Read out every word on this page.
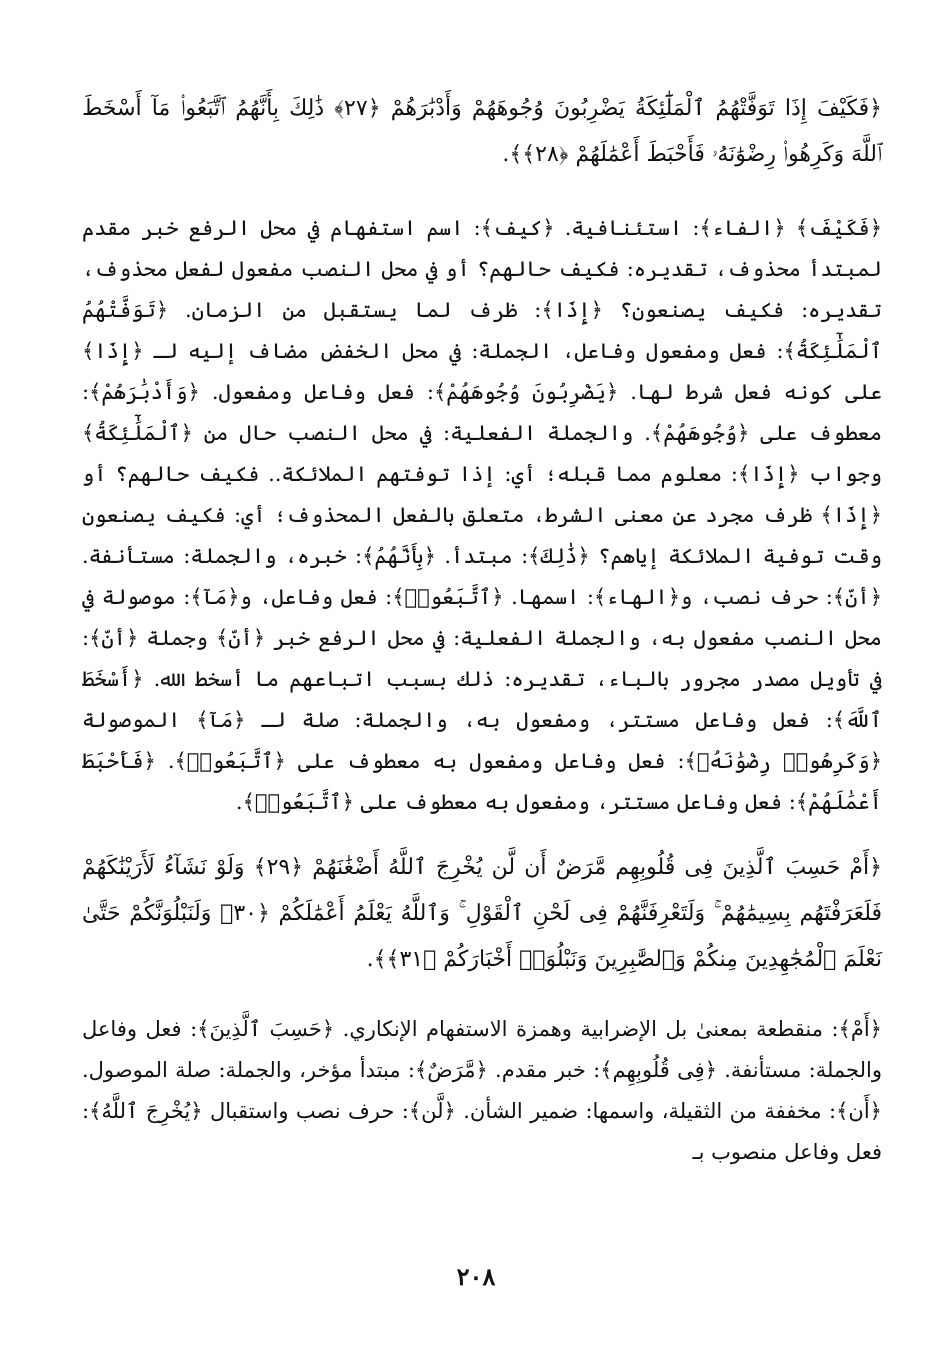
﴿فَكَيْفَ إِذَا تَوَفَّتْهُمُ ٱلْمَلَٰٓئِكَةُ يَضْرِبُونَ وُجُوهَهُمْ وَأَدْبَٰرَهُمْ ﴿٢٧﴾ ذَٰلِكَ بِأَنَّهُمُ ٱتَّبَعُوا۟ مَآ أَسْخَطَ ٱللَّهَ وَكَرِهُوا۟ رِضْوَٰنَهُۥ فَأَحْبَطَ أَعْمَٰلَهُمْ ﴿٢٨﴾﴾.

﴿فَكَيْفَ﴾ ﴿الفاء﴾: استئنافية. ﴿كيف﴾: اسم استفهام في محل الرفع خبر مقدم لمبتدأ محذوف، تقديره: فكيف حالهم؟ أو في محل النصب مفعول لفعل محذوف، تقديره: فكيف يصنعون؟ ﴿إِذَا﴾: ظرف لما يستقبل من الزمان. ﴿تَوَفَّتْهُمُ ٱلْمَلَٰٓئِكَةُ﴾: فعل ومفعول وفاعل، الجملة: في محل الخفض مضاف إليه لـ ﴿إِذَا﴾ على كونه فعل شرط لها. ﴿يَضْرِبُونَ وُجُوهَهُمْ﴾: فعل وفاعل ومفعول. ﴿وَأَدْبَٰرَهُمْ﴾: معطوف على ﴿وُجُوهَهُمْ﴾. والجملة الفعلية: في محل النصب حال من ﴿ٱلْمَلَٰٓئِكَةُ﴾ وجواب ﴿إِذَا﴾: معلوم مما قبله؛ أي: إذا توفتهم الملائكة.. فكيف حالهم؟ أو ﴿إِذَا﴾ ظرف مجرد عن معنى الشرط، متعلق بالفعل المحذوف؛ أي: فكيف يصنعون وقت توفية الملائكة إياهم؟ ﴿ذَٰلِكَ﴾: مبتدأ. ﴿بِأَنَّهُمُ﴾: خبره، والجملة: مستأنفة. ﴿أنّ﴾: حرف نصب، و﴿الهاء﴾: اسمها. ﴿ٱتَّبَعُوا۟﴾: فعل وفاعل، و﴿مَآ﴾: موصولة في محل النصب مفعول به، والجملة الفعلية: في محل الرفع خبر ﴿أنّ﴾ وجملة ﴿أنّ﴾: في تأويل مصدر مجرور بالباء، تقديره: ذلك بسبب اتباعهم ما أسخط الله. ﴿أَسْخَطَ ٱللَّهَ﴾: فعل وفاعل مستتر، ومفعول به، والجملة: صلة لـ ﴿مَآ﴾ الموصولة ﴿وَكَرِهُوا۟ رِضْوَٰنَهُۥ﴾: فعل وفاعل ومفعول به معطوف على ﴿ٱتَّبَعُوا۟﴾. ﴿فَأَحْبَطَ أَعْمَٰلَهُمْ﴾: فعل وفاعل مستتر، ومفعول به معطوف على ﴿ٱتَّبَعُوا۟﴾.

﴿أَمْ حَسِبَ ٱلَّذِينَ فِى قُلُوبِهِم مَّرَضٌ أَن لَّن يُخْرِجَ ٱللَّهُ أَضْغَٰنَهُمْ ﴿٢٩﴾ وَلَوْ نَشَآءُ لَأَرَيْنَٰكَهُمْ فَلَعَرَفْتَهُم بِسِيمَٰهُمْ ۚ وَلَتَعْرِفَنَّهُمْ فِى لَحْنِ ٱلْقَوْلِ ۚ وَٱللَّهُ يَعْلَمُ أَعْمَٰلَكُمْ ﴿٣٠﴾ وَلَنَبْلُوَنَّكُمْ حَتَّىٰ نَعْلَمَ ٱلْمُجَٰهِدِينَ مِنكُمْ وَٱلصَّٰبِرِينَ وَنَبْلُوَا۟ أَخْبَارَكُمْ ﴿٣١﴾﴾.

﴿أَمْ﴾: منقطعة بمعنىٰ بل الإضرابية وهمزة الاستفهام الإنكاري. ﴿حَسِبَ ٱلَّذِينَ﴾: فعل وفاعل والجملة: مستأنفة. ﴿فِى قُلُوبِهِم﴾: خبر مقدم. ﴿مَّرَضٌ﴾: مبتدأ مؤخر، والجملة: صلة الموصول. ﴿أَن﴾: مخففة من الثقيلة، واسمها: ضمير الشأن. ﴿لَّن﴾: حرف نصب واستقبال ﴿يُخْرِجَ ٱللَّهُ﴾: فعل وفاعل منصوب بـ

٢٠٨
